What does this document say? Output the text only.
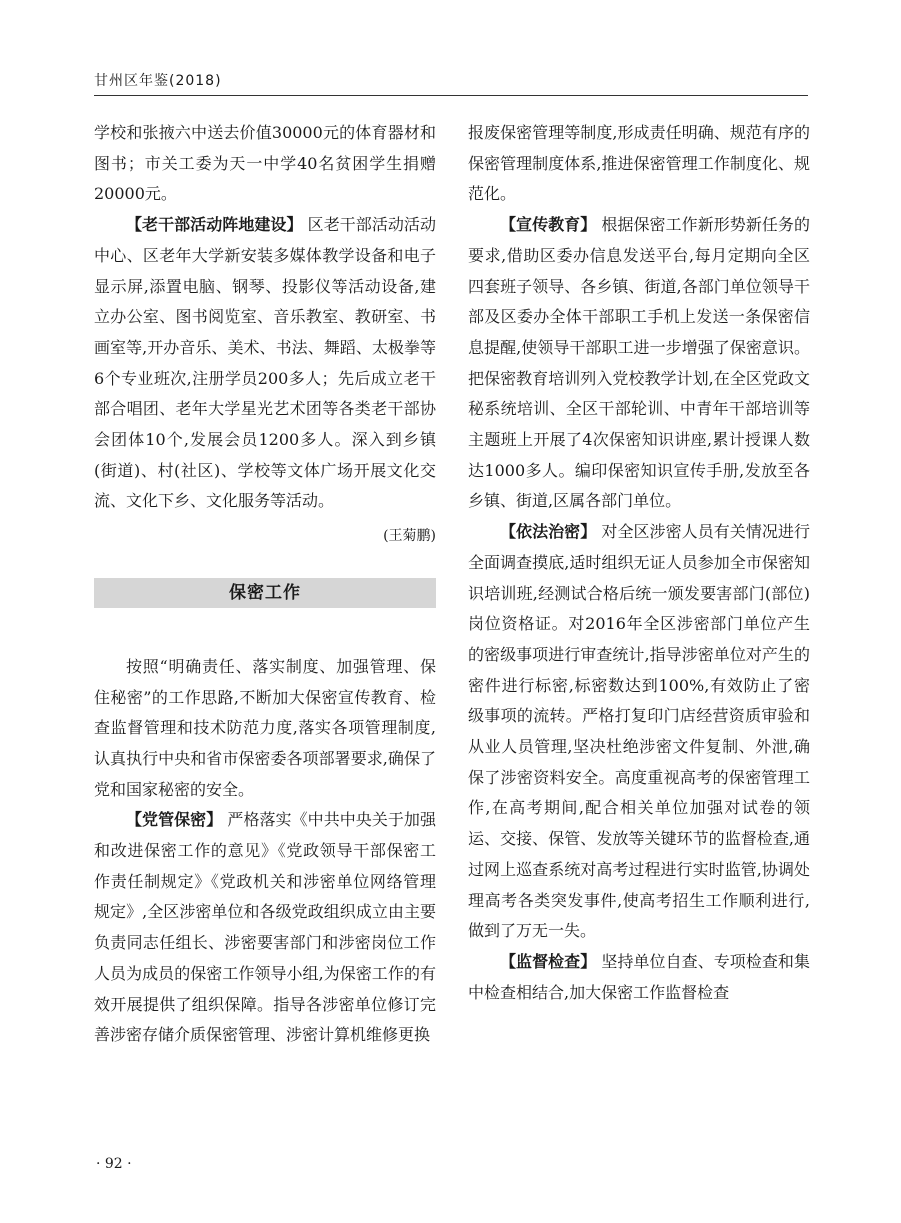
甘州区年鉴(2018)

学校和张掖六中送去价值30000元的体育器材和图书；市关工委为天一中学40名贫困学生捐赠20000元。

【老干部活动阵地建设】 区老干部活动活动中心、区老年大学新安装多媒体教学设备和电子显示屏,添置电脑、钢琴、投影仪等活动设备,建立办公室、图书阅览室、音乐教室、教研室、书画室等,开办音乐、美术、书法、舞蹈、太极拳等6个专业班次,注册学员200多人；先后成立老干部合唱团、老年大学星光艺术团等各类老干部协会团体10个,发展会员1200多人。深入到乡镇(街道)、村(社区)、学校等文体广场开展文化交流、文化下乡、文化服务等活动。

(王菊鹏)

保密工作

按照“明确责任、落实制度、加强管理、保住秘密”的工作思路,不断加大保密宣传教育、检查监督管理和技术防范力度,落实各项管理制度,认真执行中央和省市保密委各项部署要求,确保了党和国家秘密的安全。

【党管保密】 严格落实《中共中央关于加强和改进保密工作的意见》《党政领导干部保密工作责任制规定》《党政机关和涉密单位网络管理规定》,全区涉密单位和各级党政组织成立由主要负责同志任组长、涉密要害部门和涉密岗位工作人员为成员的保密工作领导小组,为保密工作的有效开展提供了组织保障。指导各涉密单位修订完善涉密存储介质保密管理、涉密计算机维修更换

报废保密管理等制度,形成责任明确、规范有序的保密管理制度体系,推进保密管理工作制度化、规范化。

【宣传教育】 根据保密工作新形势新任务的要求,借助区委办信息发送平台,每月定期向全区四套班子领导、各乡镇、街道,各部门单位领导干部及区委办全体干部职工手机上发送一条保密信息提醒,使领导干部职工进一步增强了保密意识。把保密教育培训列入党校教学计划,在全区党政文秘系统培训、全区干部轮训、中青年干部培训等主题班上开展了4次保密知识讲座,累计授课人数达1000多人。编印保密知识宣传手册,发放至各乡镇、街道,区属各部门单位。

【依法治密】 对全区涉密人员有关情况进行全面调查摸底,适时组织无证人员参加全市保密知识培训班,经测试合格后统一颁发要害部门(部位)岗位资格证。对2016年全区涉密部门单位产生的密级事项进行审查统计,指导涉密单位对产生的密件进行标密,标密数达到100%,有效防止了密级事项的流转。严格打复印门店经营资质审验和从业人员管理,坚决杜绝涉密文件复制、外泄,确保了涉密资料安全。高度重视高考的保密管理工作,在高考期间,配合相关单位加强对试卷的领运、交接、保管、发放等关键环节的监督检查,通过网上巡查系统对高考过程进行实时监管,协调处理高考各类突发事件,使高考招生工作顺利进行,做到了万无一失。

【监督检查】 坚持单位自查、专项检查和集中检查相结合,加大保密工作监督检查

· 92 ·
